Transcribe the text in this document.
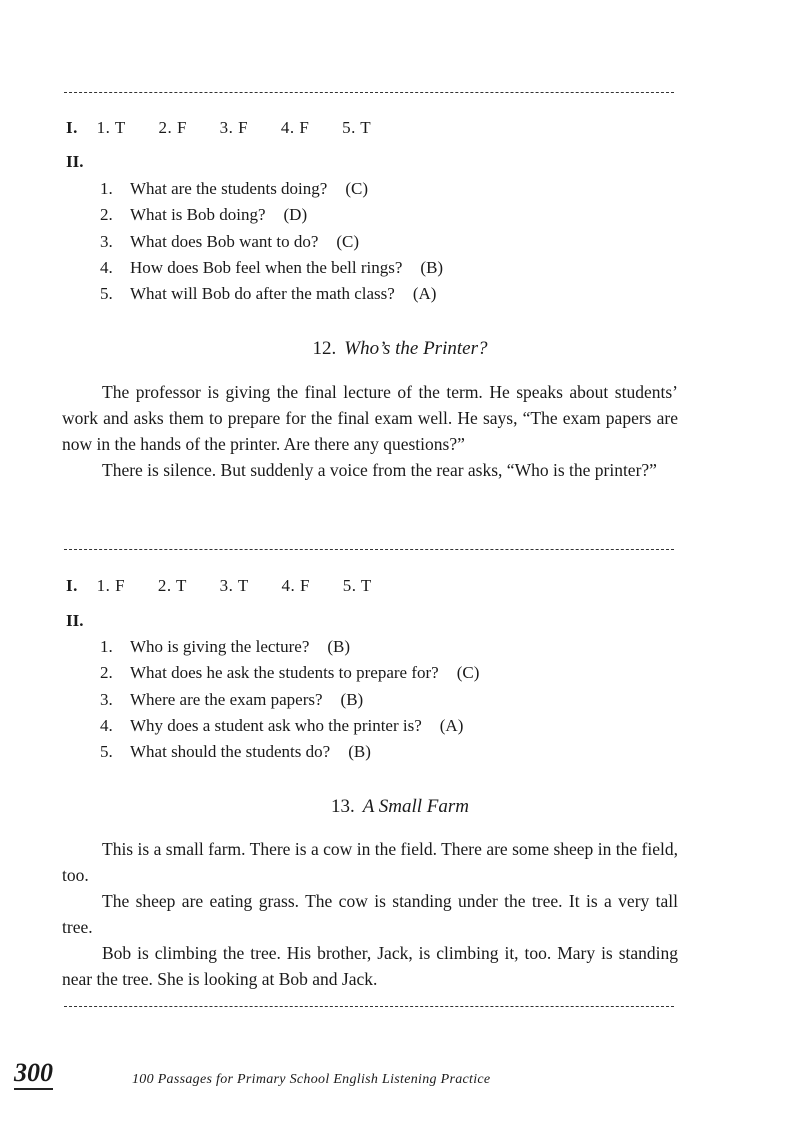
I. 1. T 2. F 3. F 4. F 5. T
II.
1. What are the students doing? (C)
2. What is Bob doing? (D)
3. What does Bob want to do? (C)
4. How does Bob feel when the bell rings? (B)
5. What will Bob do after the math class? (A)
12. Who’s the Printer?

The professor is giving the final lecture of the term. He speaks about students’ work and asks them to prepare for the final exam well. He says, “The exam papers are now in the hands of the printer. Are there any questions?”

There is silence. But suddenly a voice from the rear asks, “Who is the printer?”

I. 1. F 2. T 3. T 4. F 5. T
II.
1. Who is giving the lecture? (B)
2. What does he ask the students to prepare for? (C)
3. Where are the exam papers? (B)
4. Why does a student ask who the printer is? (A)
5. What should the students do? (B)
13. A Small Farm

This is a small farm. There is a cow in the field. There are some sheep in the field, too.

The sheep are eating grass. The cow is standing under the tree. It is a very tall tree.

Bob is climbing the tree. His brother, Jack, is climbing it, too. Mary is standing near the tree. She is looking at Bob and Jack.

300	100 Passages for Primary School English Listening Practice
